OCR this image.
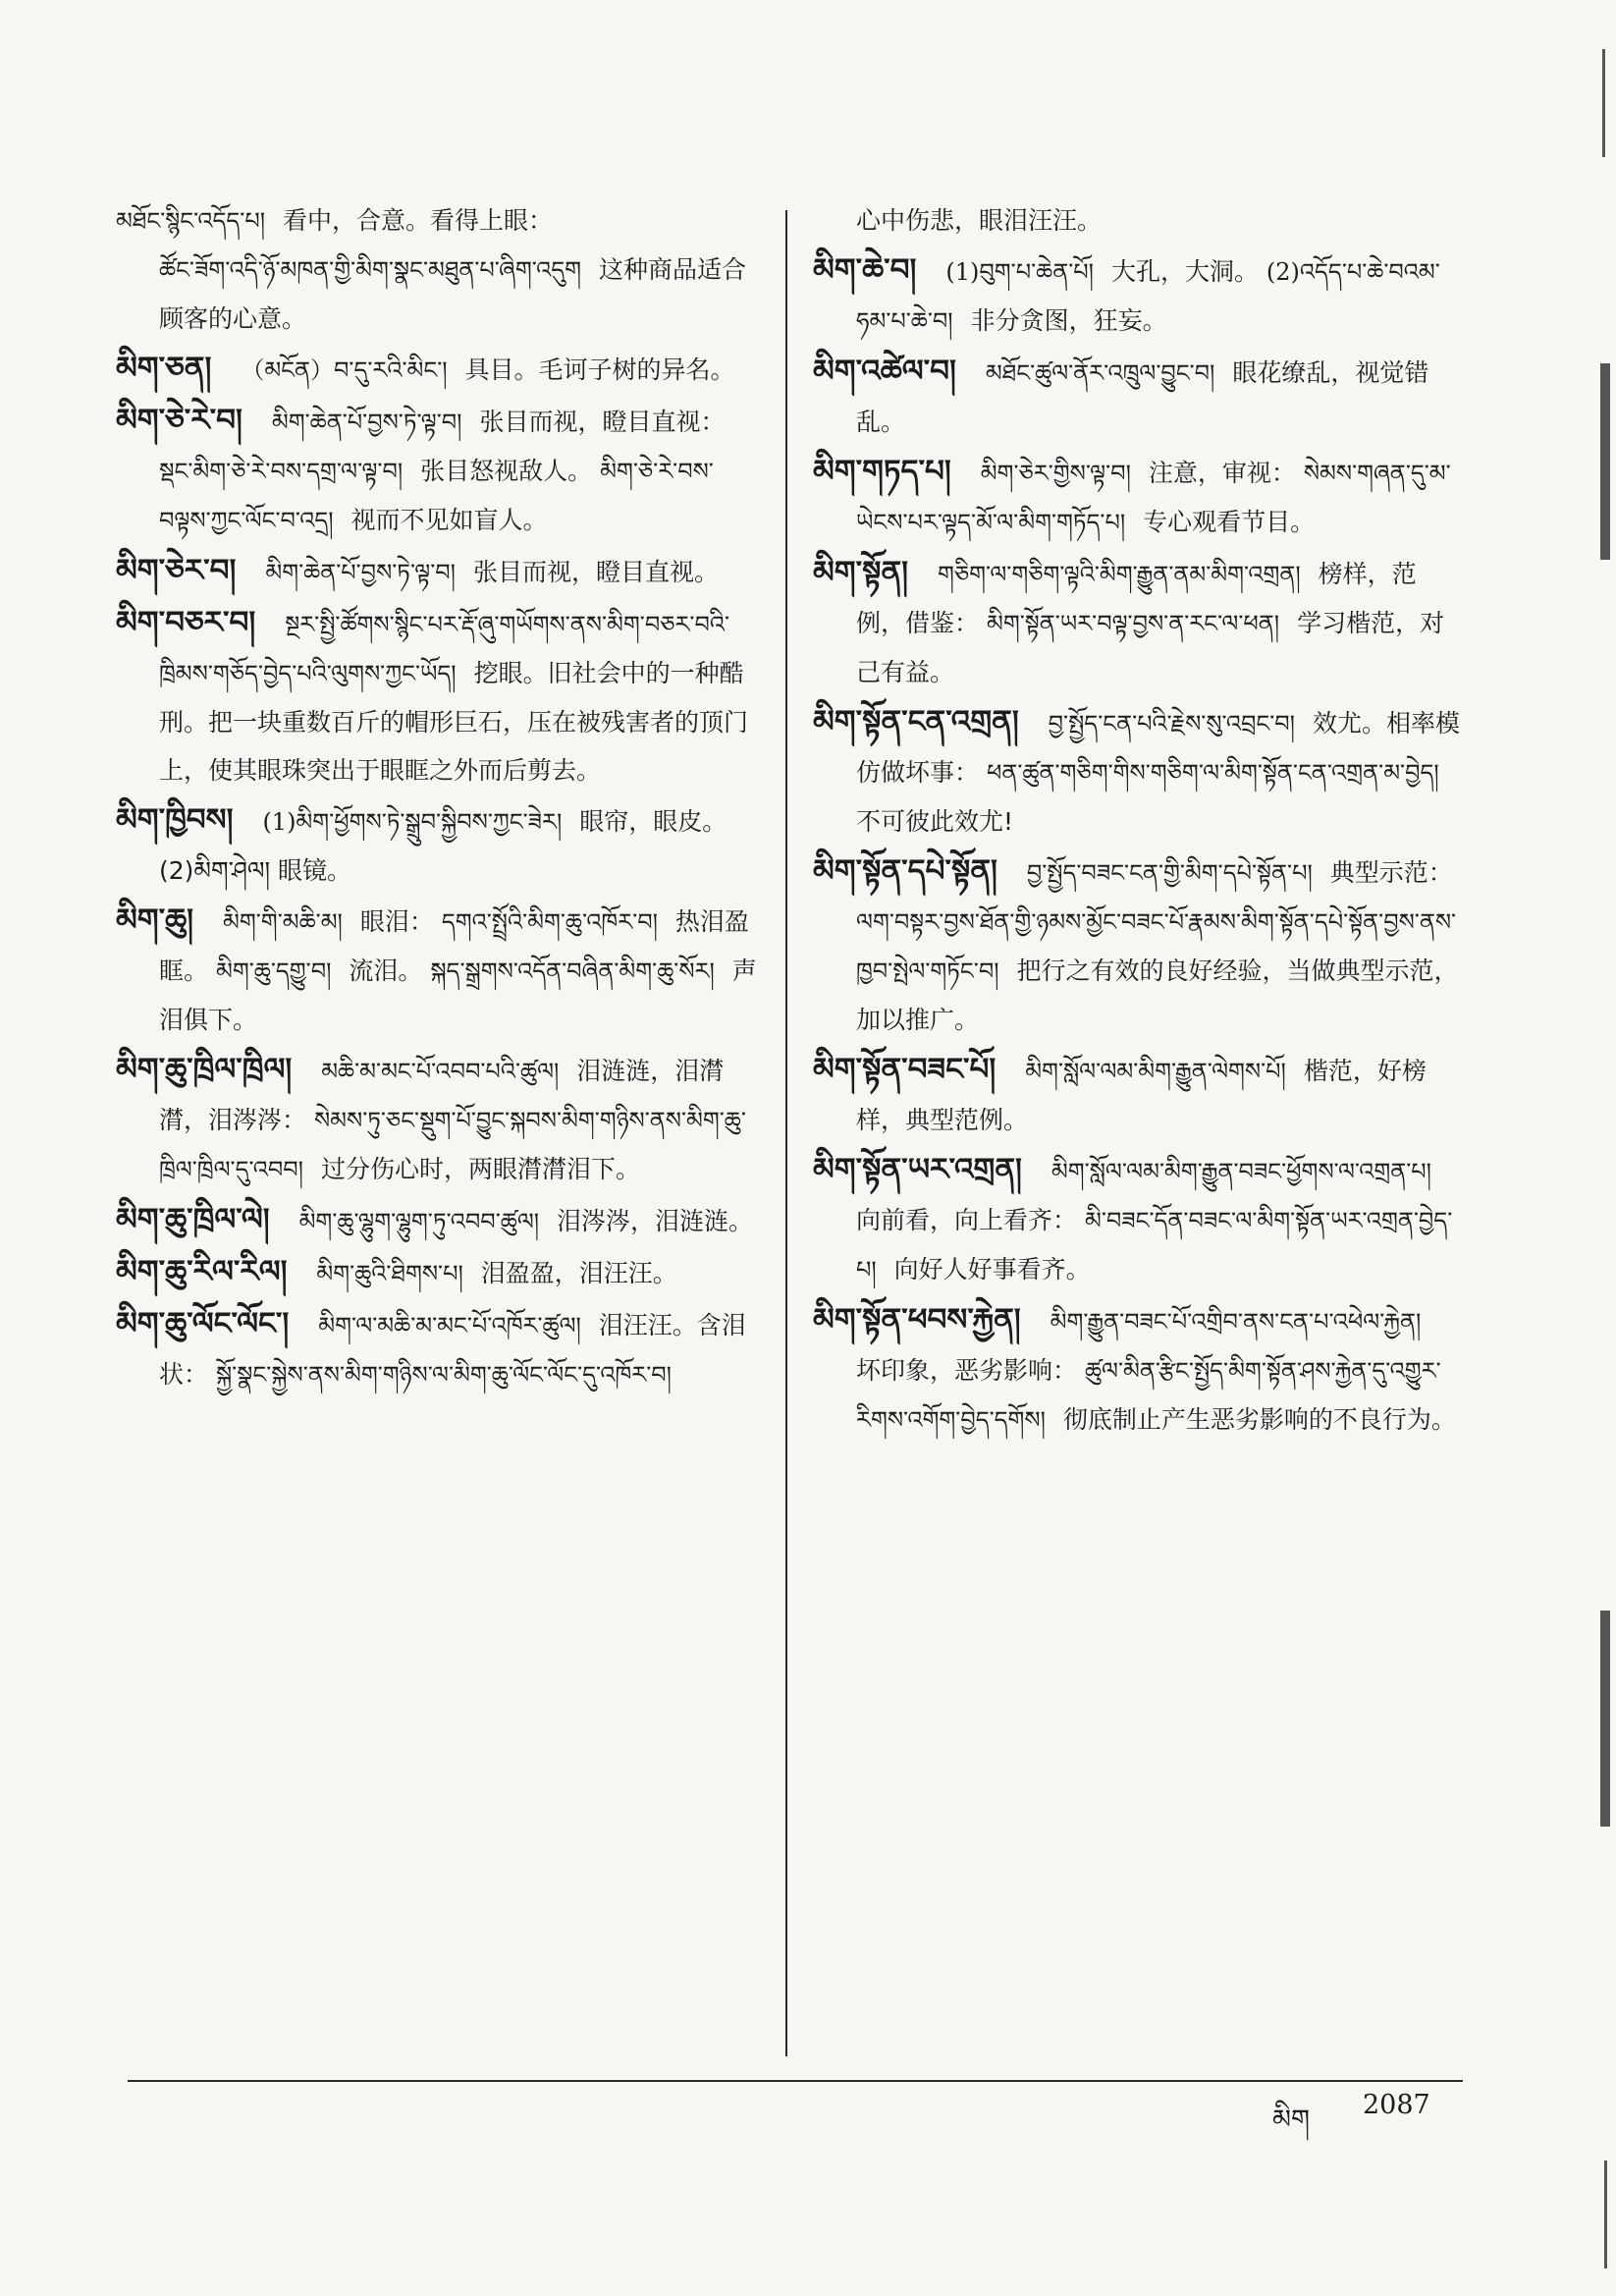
མཐོང་སྙིང་འདོད་པ། 看中，合意。看得上眼：
ཚོང་ཟོག་འདི་ཉོ་མཁན་གྱི་མིག་སྣང་མཐུན་པ་ཞིག་འདུག 这种商品适合顾客的心意。
མིག་ཅན། （མངོན）བ་དུ་རའི་མིང་། 具目。毛诃子树的异名。
མིག་ཅེ་རེ་བ། མིག་ཆེན་པོ་བྱས་ཏེ་ལྟ་བ། 张目而视，瞪目直视： སྡང་མིག་ཅེ་རེ་བས་དགྲ་ལ་ལྟ་བ། 张目怒视敌人。 མིག་ཅེ་རེ་བས་བལྟས་ཀྱང་ལོང་བ་འདྲ། 视而不见如盲人。
མིག་ཅེར་བ། མིག་ཆེན་པོ་བྱས་ཏེ་ལྟ་བ། 张目而视，瞪目直视。
མིག་བཅར་བ། སྔར་སྤྱི་ཚོགས་སྙིང་པར་རྡོ་ཞུ་གཡོགས་ནས་མིག་བཅར་བའི་ཁྲིམས་གཅོད་བྱེད་པའི་ལུགས་ཀྱང་ཡོད། 挖眼。旧社会中的一种酷刑。把一块重数百斤的帽形巨石，压在被残害者的顶门上，使其眼珠突出于眼眶之外而后剪去。
མིག་ཁྱིབས། (1)མིག་ཕྱོགས་ཏེ་སྒྲུབ་སྐྱིབས་ཀྱང་ཟེར། 眼帘，眼皮。(2)མིག་ཤེལ། 眼镜。
མིག་ཆུ། མིག་གི་མཆི་མ། 眼泪： དགའ་སྤྲོའི་མིག་ཆུ་འཁོར་བ། 热泪盈眶。 མིག་ཆུ་དགྱུ་བ། 流泪。 སྐད་སྒྲགས་འདོན་བཞིན་མིག་ཆུ་སོར། 声泪俱下。
མིག་ཆུ་ཁྲིལ་ཁྲིལ། མཆི་མ་མང་པོ་འབབ་པའི་ཚུལ། 泪涟涟，泪潸潸，泪涔涔： སེམས་ཏུ་ཅང་སྡུག་པོ་བྱུང་སྐབས་མིག་གཉིས་ནས་མིག་ཆུ་ཁྲིལ་ཁྲིལ་དུ་འབབ། 过分伤心时，两眼潸潸泪下。
མིག་ཆུ་ཁྲིལ་ལེ། མིག་ཆུ་ལྷུག་ལྷུག་ཏུ་འབབ་ཚུལ། 泪涔涔，泪涟涟。
མིག་ཆུ་རིལ་རིལ། མིག་ཆུའི་ཐིགས་པ། 泪盈盈，泪汪汪。
མིག་ཆུ་ལོང་ལོང་། མིག་ལ་མཆི་མ་མང་པོ་འཁོར་ཚུལ། 泪汪汪。含泪状： སྐྱོ་སྣང་སྐྱེས་ནས་མིག་གཉིས་ལ་མིག་ཆུ་ལོང་ལོང་དུ་འཁོར་བ།
心中伤悲，眼泪汪汪。
མིག་ཆེ་བ། (1)བུག་པ་ཆེན་པོ། 大孔，大洞。 (2)འདོད་པ་ཆེ་བའམ་ཧམ་པ་ཆེ་བ། 非分贪图，狂妄。
མིག་འཚེལ་བ། མཐོང་ཚུལ་ནོར་འཁྲུལ་བྱུང་བ། 眼花缭乱，视觉错乱。
མིག་གཏད་པ། མིག་ཅེར་གྱིས་ལྟ་བ། 注意，审视： སེམས་གཞན་དུ་མ་ཡེངས་པར་ལྟད་མོ་ལ་མིག་གཏོད་པ། 专心观看节目。
མིག་སྟོན། གཅིག་ལ་གཅིག་ལྟའི་མིག་རྒྱུན་ནམ་མིག་འགྲན། 榜样，范例，借鉴： མིག་སྟོན་ཡར་བལྟ་བྱས་ན་རང་ལ་ཕན། 学习楷范，对己有益。
མིག་སྟོན་ངན་འགྲན། བྱ་སྤྱོད་ངན་པའི་རྗེས་སུ་འབྲང་བ། 效尤。相率模仿做坏事： ཕན་ཚུན་གཅིག་གིས་གཅིག་ལ་མིག་སྟོན་ངན་འགྲན་མ་བྱེད། 不可彼此效尤!
མིག་སྟོན་དཔེ་སྟོན། བྱ་སྤྱོད་བཟང་ངན་གྱི་མིག་དཔེ་སྟོན་པ། 典型示范： ལག་བསྟར་བྱས་ཐོན་གྱི་ཉམས་མྱོང་བཟང་པོ་རྣམས་མིག་སྟོན་དཔེ་སྟོན་བྱས་ནས་ཁྱབ་སྤེལ་གཏོང་བ། 把行之有效的良好经验，当做典型示范，加以推广。
མིག་སྟོན་བཟང་པོ། མིག་སློལ་ལམ་མིག་རྒྱུན་ལེགས་པོ། 楷范，好榜样，典型范例。
མིག་སྟོན་ཡར་འགྲན། མིག་སློལ་ལམ་མིག་རྒྱུན་བཟང་ཕྱོགས་ལ་འགྲན་པ། 向前看，向上看齐： མི་བཟང་དོན་བཟང་ལ་མིག་སྟོན་ཡར་འགྲན་བྱེད་པ། 向好人好事看齐。
མིག་སྟོན་ཕབས་རྐྱེན། མིག་རྒྱུན་བཟང་པོ་འགྲིབ་ནས་ངན་པ་འཕེལ་རྐྱེན། 坏印象，恶劣影响： ཚུལ་མིན་རྩིང་སྤྱོད་མིག་སྟོན་ཤས་རྐྱེན་དུ་འགྱུར་རིགས་འགོག་བྱེད་དགོས། 彻底制止产生恶劣影响的不良行为。
མིག 2087
